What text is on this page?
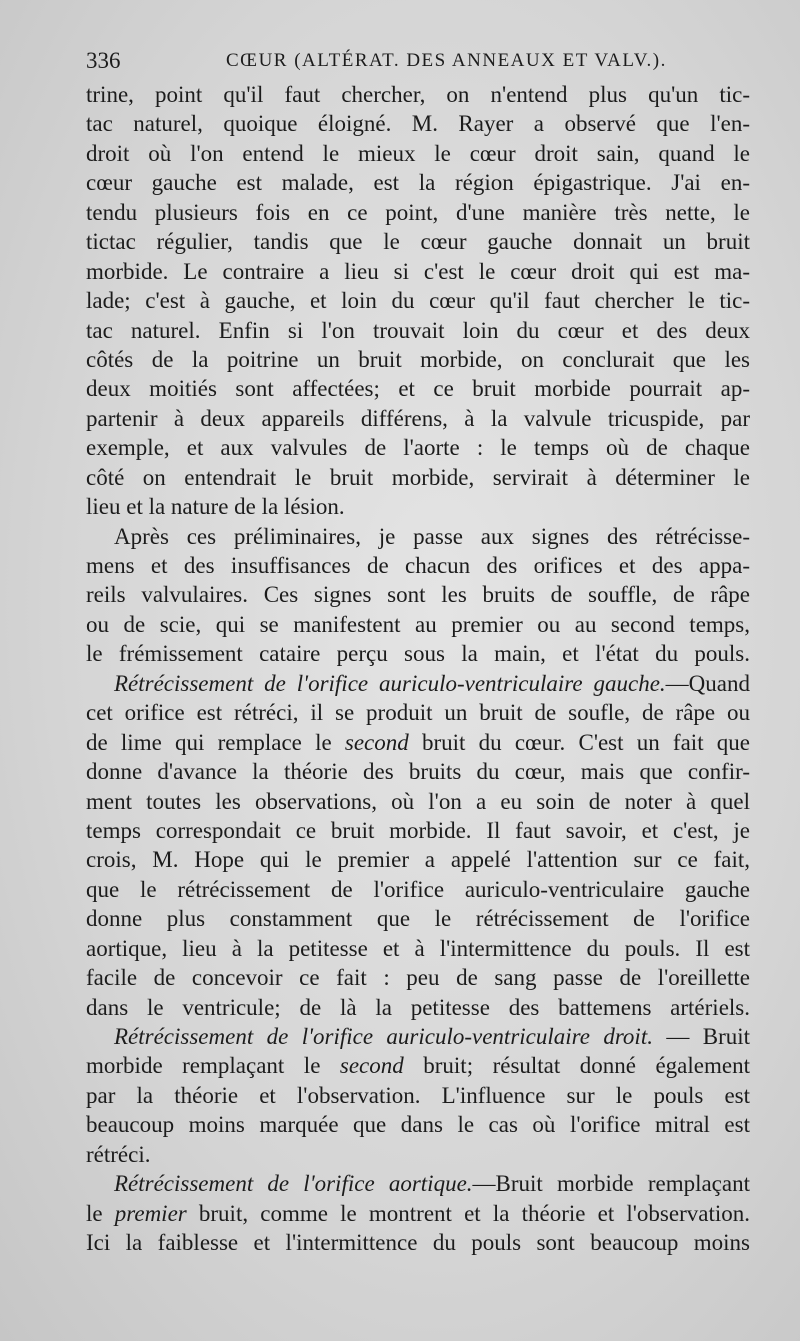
336	CŒUR (ALTÉRAT. DES ANNEAUX ET VALV.).
trine, point qu'il faut chercher, on n'entend plus qu'un tic-
tac naturel, quoique éloigné. M. Rayer a observé que l'en-
droit où l'on entend le mieux le cœur droit sain, quand le
cœur gauche est malade, est la région épigastrique. J'ai en-
tendu plusieurs fois en ce point, d'une manière très nette, le
tictac régulier, tandis que le cœur gauche donnait un bruit
morbide. Le contraire a lieu si c'est le cœur droit qui est ma-
lade; c'est à gauche, et loin du cœur qu'il faut chercher le tic-
tac naturel. Enfin si l'on trouvait loin du cœur et des deux
côtés de la poitrine un bruit morbide, on conclurait que les
deux moitiés sont affectées; et ce bruit morbide pourrait ap-
partenir à deux appareils différens, à la valvule tricuspide, par
exemple, et aux valvules de l'aorte : le temps où de chaque
côté on entendrait le bruit morbide, servirait à déterminer le
lieu et la nature de la lésion.
Après ces préliminaires, je passe aux signes des rétrécisse-
mens et des insuffisances de chacun des orifices et des appa-
reils valvulaires. Ces signes sont les bruits de souffle, de râpe
ou de scie, qui se manifestent au premier ou au second temps,
le frémissement cataire perçu sous la main, et l'état du pouls.
Rétrécissement de l'orifice auriculo-ventriculaire gauche.—Quand
cet orifice est rétréci, il se produit un bruit de soufle, de râpe ou
de lime qui remplace le second bruit du cœur. C'est un fait que
donne d'avance la théorie des bruits du cœur, mais que confir-
ment toutes les observations, où l'on a eu soin de noter à quel
temps correspondait ce bruit morbide. Il faut savoir, et c'est, je
crois, M. Hope qui le premier a appelé l'attention sur ce fait,
que le rétrécissement de l'orifice auriculo-ventriculaire gauche
donne plus constamment que le rétrécissement de l'orifice
aortique, lieu à la petitesse et à l'intermittence du pouls. Il est
facile de concevoir ce fait : peu de sang passe de l'oreillette
dans le ventricule; de là la petitesse des battemens artériels.
Rétrécissement de l'orifice auriculo-ventriculaire droit. — Bruit
morbide remplaçant le second bruit; résultat donné également
par la théorie et l'observation. L'influence sur le pouls est
beaucoup moins marquée que dans le cas où l'orifice mitral est
rétréci.
Rétrécissement de l'orifice aortique.—Bruit morbide remplaçant
le premier bruit, comme le montrent et la théorie et l'observation.
Ici la faiblesse et l'intermittence du pouls sont beaucoup moins
